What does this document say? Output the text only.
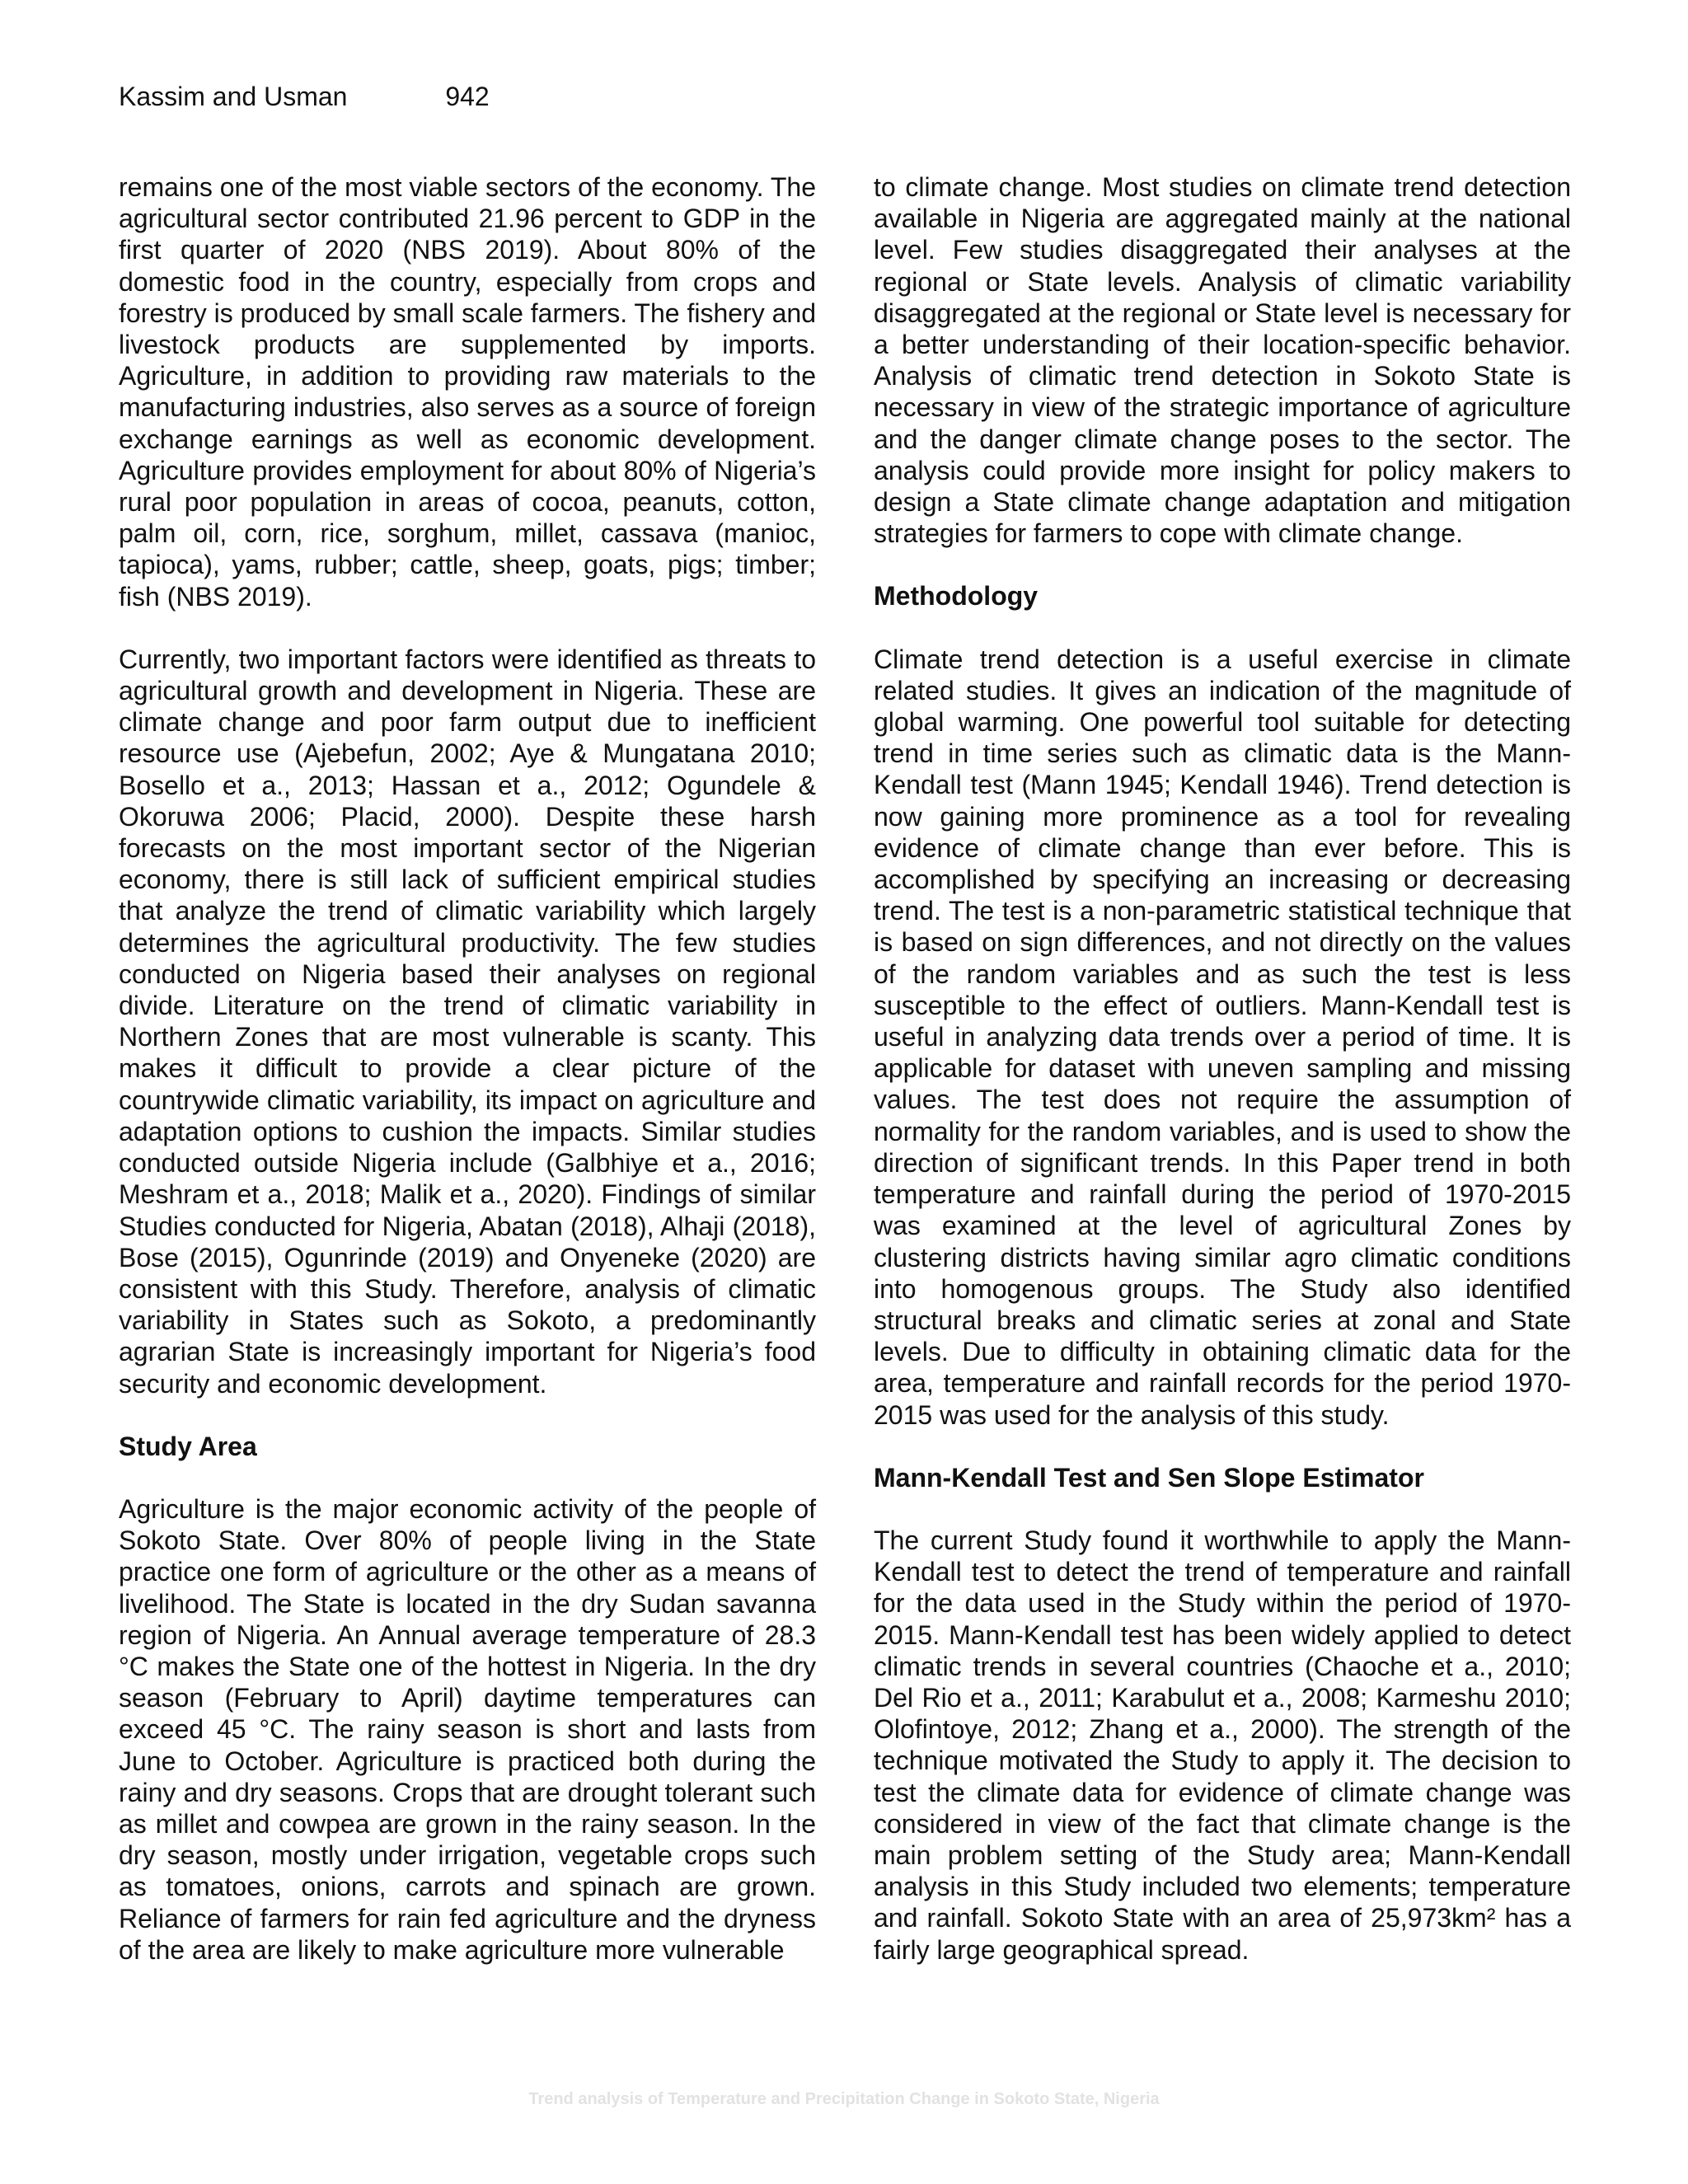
Kassim and Usman	942

remains one of the most viable sectors of the economy. The agricultural sector contributed 21.96 percent to GDP in the first quarter of 2020 (NBS 2019). About 80% of the domestic food in the country, especially from crops and forestry is produced by small scale farmers. The fishery and livestock products are supplemented by imports. Agriculture, in addition to providing raw materials to the manufacturing industries, also serves as a source of foreign exchange earnings as well as economic development. Agriculture provides employment for about 80% of Nigeria’s rural poor population in areas of cocoa, peanuts, cotton, palm oil, corn, rice, sorghum, millet, cassava (manioc, tapioca), yams, rubber; cattle, sheep, goats, pigs; timber; fish (NBS 2019).

Currently, two important factors were identified as threats to agricultural growth and development in Nigeria. These are climate change and poor farm output due to inefficient resource use (Ajebefun, 2002; Aye & Mungatana 2010; Bosello et a., 2013; Hassan et a., 2012; Ogundele & Okoruwa 2006; Placid, 2000). Despite these harsh forecasts on the most important sector of the Nigerian economy, there is still lack of sufficient empirical studies that analyze the trend of climatic variability which largely determines the agricultural productivity. The few studies conducted on Nigeria based their analyses on regional divide. Literature on the trend of climatic variability in Northern Zones that are most vulnerable is scanty. This makes it difficult to provide a clear picture of the countrywide climatic variability, its impact on agriculture and adaptation options to cushion the impacts. Similar studies conducted outside Nigeria include (Galbhiye et a., 2016; Meshram et a., 2018; Malik et a., 2020). Findings of similar Studies conducted for Nigeria, Abatan (2018), Alhaji (2018), Bose (2015), Ogunrinde (2019) and Onyeneke (2020) are consistent with this Study. Therefore, analysis of climatic variability in States such as Sokoto, a predominantly agrarian State is increasingly important for Nigeria’s food security and economic development.

Study Area

Agriculture is the major economic activity of the people of Sokoto State. Over 80% of people living in the State practice one form of agriculture or the other as a means of livelihood. The State is located in the dry Sudan savanna region of Nigeria. An Annual average temperature of 28.3 °C makes the State one of the hottest in Nigeria. In the dry season (February to April) daytime temperatures can exceed 45 °C. The rainy season is short and lasts from June to October. Agriculture is practiced both during the rainy and dry seasons. Crops that are drought tolerant such as millet and cowpea are grown in the rainy season. In the dry season, mostly under irrigation, vegetable crops such as tomatoes, onions, carrots and spinach are grown. Reliance of farmers for rain fed agriculture and the dryness of the area are likely to make agriculture more vulnerable

to climate change. Most studies on climate trend detection available in Nigeria are aggregated mainly at the national level. Few studies disaggregated their analyses at the regional or State levels. Analysis of climatic variability disaggregated at the regional or State level is necessary for a better understanding of their location-specific behavior. Analysis of climatic trend detection in Sokoto State is necessary in view of the strategic importance of agriculture and the danger climate change poses to the sector. The analysis could provide more insight for policy makers to design a State climate change adaptation and mitigation strategies for farmers to cope with climate change.

Methodology

Climate trend detection is a useful exercise in climate related studies. It gives an indication of the magnitude of global warming. One powerful tool suitable for detecting trend in time series such as climatic data is the Mann-Kendall test (Mann 1945; Kendall 1946). Trend detection is now gaining more prominence as a tool for revealing evidence of climate change than ever before. This is accomplished by specifying an increasing or decreasing trend. The test is a non-parametric statistical technique that is based on sign differences, and not directly on the values of the random variables and as such the test is less susceptible to the effect of outliers. Mann-Kendall test is useful in analyzing data trends over a period of time. It is applicable for dataset with uneven sampling and missing values. The test does not require the assumption of normality for the random variables, and is used to show the direction of significant trends. In this Paper trend in both temperature and rainfall during the period of 1970-2015 was examined at the level of agricultural Zones by clustering districts having similar agro climatic conditions into homogenous groups. The Study also identified structural breaks and climatic series at zonal and State levels. Due to difficulty in obtaining climatic data for the area, temperature and rainfall records for the period 1970-2015 was used for the analysis of this study.

Mann-Kendall Test and Sen Slope Estimator

The current Study found it worthwhile to apply the Mann-Kendall test to detect the trend of temperature and rainfall for the data used in the Study within the period of 1970-2015. Mann-Kendall test has been widely applied to detect climatic trends in several countries (Chaoche et a., 2010; Del Rio et a., 2011; Karabulut et a., 2008; Karmeshu 2010; Olofintoye, 2012; Zhang et a., 2000). The strength of the technique motivated the Study to apply it. The decision to test the climate data for evidence of climate change was considered in view of the fact that climate change is the main problem setting of the Study area; Mann-Kendall analysis in this Study included two elements; temperature and rainfall. Sokoto State with an area of 25,973km² has a fairly large geographical spread.

Trend analysis of Temperature and Precipitation Change in Sokoto State, Nigeria
